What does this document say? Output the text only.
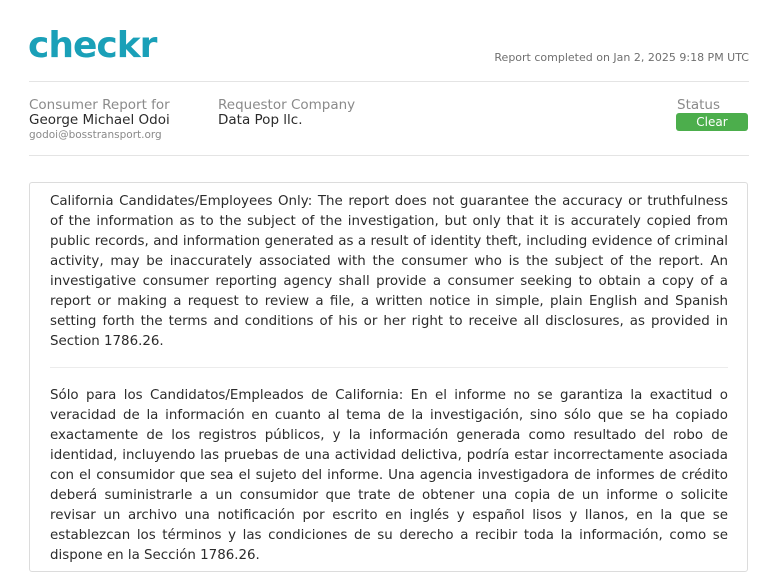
checkr	Report completed on Jan 2, 2025 9:18 PM UTC
Consumer Report for
George Michael Odoi
godoi@bosstransport.org
Requestor Company
Data Pop llc.
Status
Clear
California Candidates/Employees Only: The report does not guarantee the accuracy or truthfulness of the information as to the subject of the investigation, but only that it is accurately copied from public records, and information generated as a result of identity theft, including evidence of criminal activity, may be inaccurately associated with the consumer who is the subject of the report. An investigative consumer reporting agency shall provide a consumer seeking to obtain a copy of a report or making a request to review a file, a written notice in simple, plain English and Spanish setting forth the terms and conditions of his or her right to receive all disclosures, as provided in Section 1786.26.
Sólo para los Candidatos/Empleados de California: En el informe no se garantiza la exactitud o veracidad de la información en cuanto al tema de la investigación, sino sólo que se ha copiado exactamente de los registros públicos, y la información generada como resultado del robo de identidad, incluyendo las pruebas de una actividad delictiva, podría estar incorrectamente asociada con el consumidor que sea el sujeto del informe. Una agencia investigadora de informes de crédito deberá suministrarle a un consumidor que trate de obtener una copia de un informe o solicite revisar un archivo una notificación por escrito en inglés y español lisos y llanos, en la que se establezcan los términos y las condiciones de su derecho a recibir toda la información, como se dispone en la Sección 1786.26.
